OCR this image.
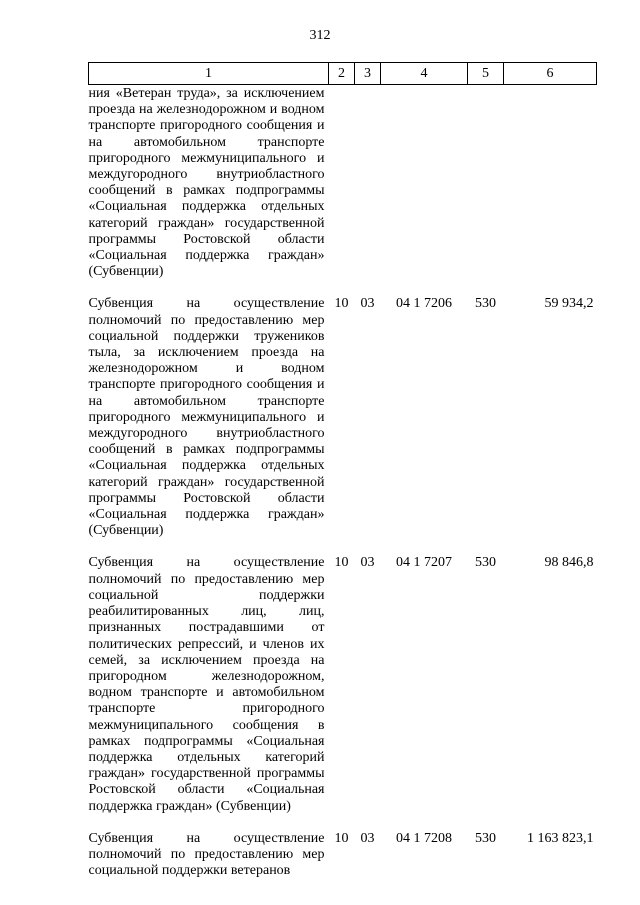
312
1	2	3	4	5	6
ния «Ветеран труда», за исключением проезда на железнодорожном и водном транспорте пригородного сообщения и на автомобильном транспорте пригородного межмуниципального и междугородного внутриобластного сообщений в рамках подпрограммы «Социальная поддержка отдельных категорий граждан» государственной программы Ростовской области «Социальная поддержка граждан» (Субвенции)					
Субвенция на осуществление полномочий по предоставлению мер социальной поддержки тружеников тыла, за исключением проезда на железнодорожном и водном транспорте пригородного сообщения и на автомобильном транспорте пригородного межмуниципального и междугородного внутриобластного сообщений в рамках подпрограммы «Социальная поддержка отдельных категорий граждан» государственной программы Ростовской области «Социальная поддержка граждан» (Субвенции)	10	03	04 1 7206	530	59 934,2
Субвенция на осуществление полномочий по предоставлению мер социальной поддержки реабилитированных лиц, лиц, признанных пострадавшими от политических репрессий, и членов их семей, за исключением проезда на пригородном железнодорожном, водном транспорте и автомобильном транспорте пригородного межмуниципального сообщения в рамках подпрограммы «Социальная поддержка отдельных категорий граждан» государственной программы Ростовской области «Социальная поддержка граждан» (Субвенции)	10	03	04 1 7207	530	98 846,8
Субвенция на осуществление полномочий по предоставлению мер социальной поддержки ветеранов	10	03	04 1 7208	530	1 163 823,1
